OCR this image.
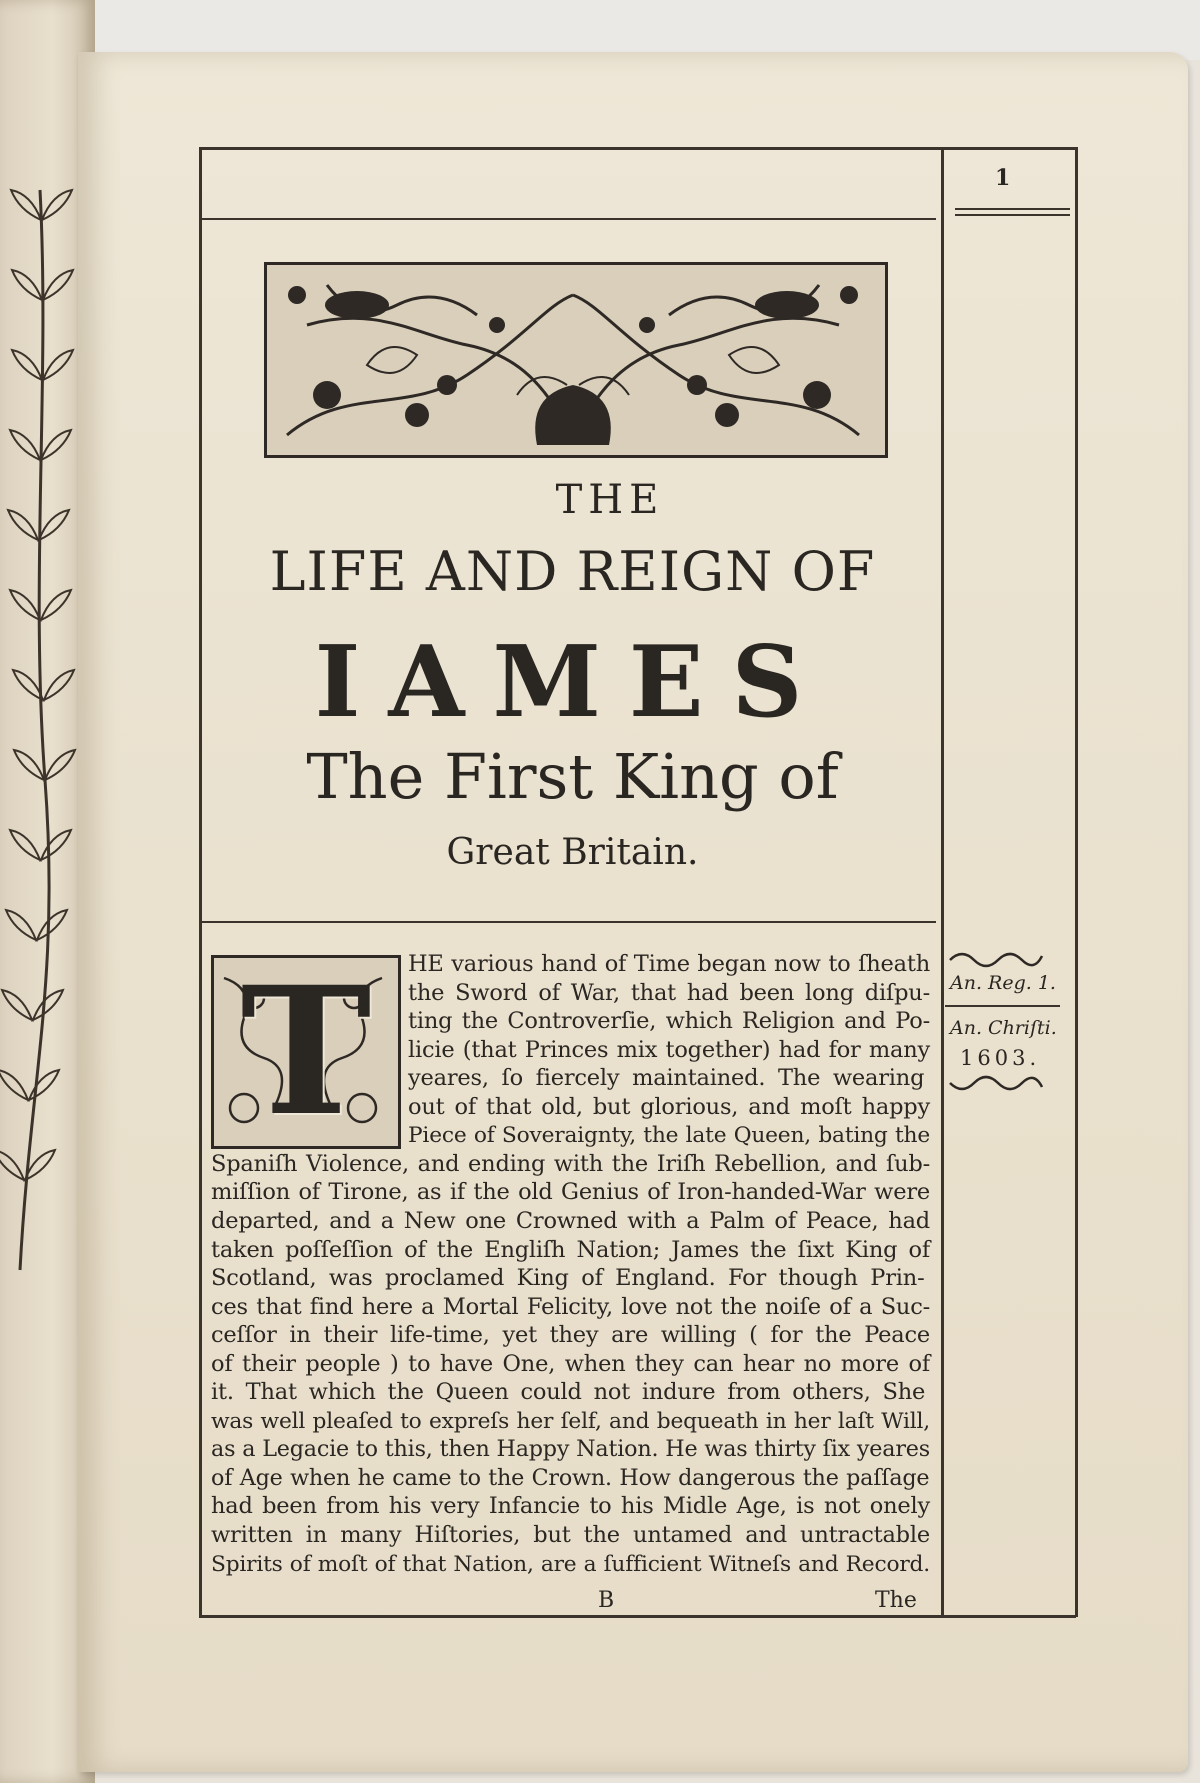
1
THE
LIFE AND REIGN OF
IAMES
The First King of
Great Britain.
T	HE various hand of Time began now to ſheath
the Sword of War, that had been long diſpu-
ting the Controverſie, which Religion and Po-
licie (that Princes mix together) had for many
yeares, ſo fiercely maintained. The wearing
out of that old, but glorious, and moſt happy
Piece of Soveraignty, the late Queen, bating the
Spaniſh Violence, and ending with the Iriſh Rebellion, and ſub-
miſſion of Tirone, as if the old Genius of Iron-handed-War were
departed, and a New one Crowned with a Palm of Peace, had
taken poſſeſſion of the Engliſh Nation; James the ſixt King of
Scotland, was proclamed King of England. For though Prin-
ces that find here a Mortal Felicity, love not the noiſe of a Suc-
ceſſor in their life-time, yet they are willing ( for the Peace
of their people ) to have One, when they can hear no more of
it. That which the Queen could not indure from others, She
was well pleaſed to expreſs her ſelf, and bequeath in her laſt Will,
as a Legacie to this, then Happy Nation. He was thirty ſix yeares
of Age when he came to the Crown. How dangerous the paſſage
had been from his very Infancie to his Midle Age, is not onely
written in many Hiſtories, but the untamed and untractable
Spirits of moſt of that Nation, are a ſufficient Witneſs and Record.
An. Reg. 1.
An. Chriſti.
1603.
B	The
